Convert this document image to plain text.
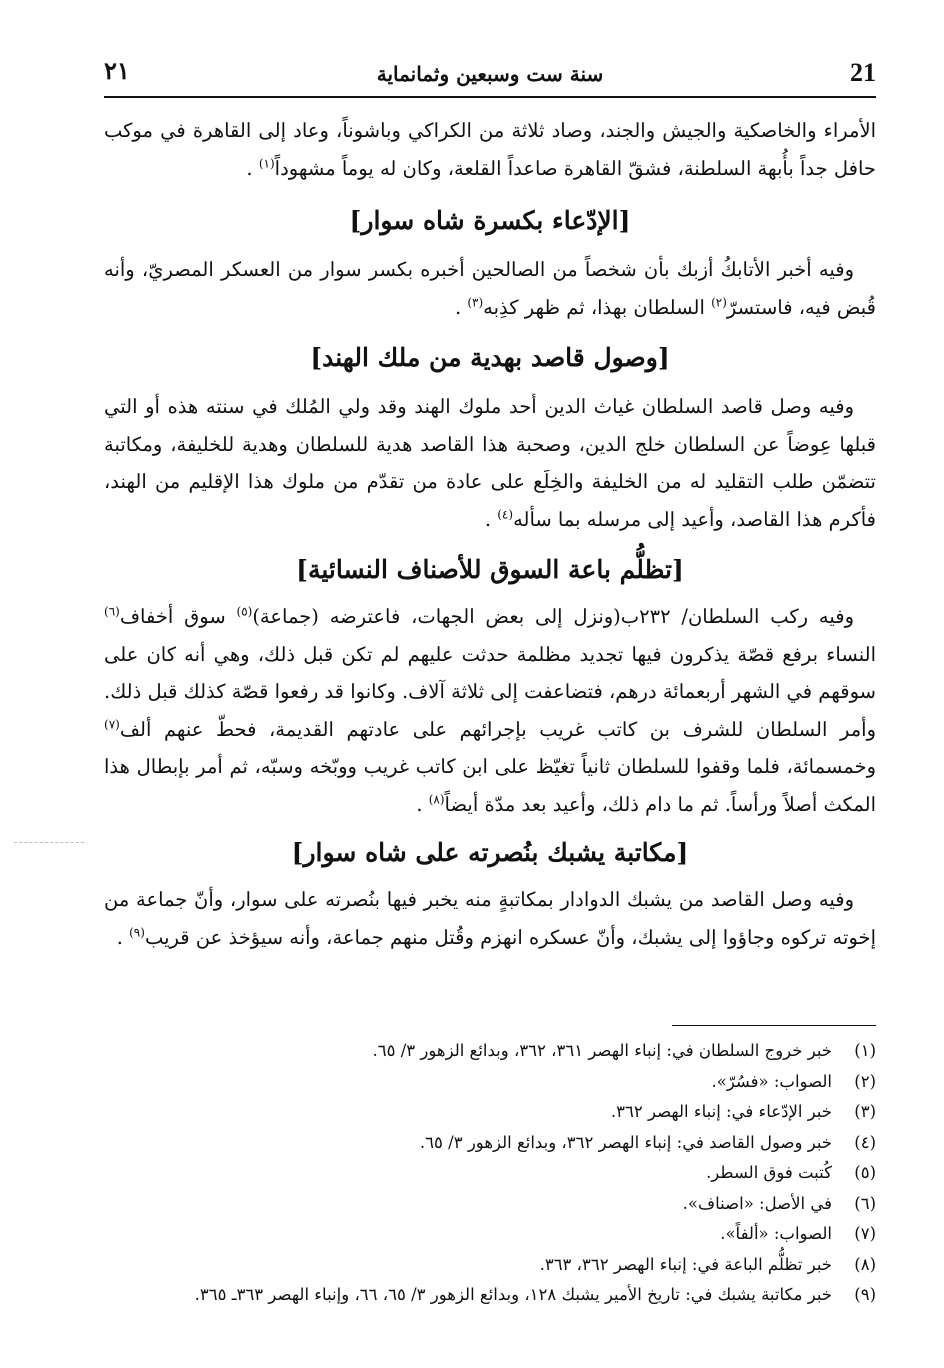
21
سنة ست وسبعين وثمانماية
٢١

الأمراء والخاصكية والجيش والجند، وصاد ثلاثة من الكراكي وباشوناً، وعاد إلى القاهرة في موكب حافل جداً بأُبهة السلطنة، فشقّ القاهرة صاعداً القلعة، وكان له يوماً مشهوداً$^{(١)}$ .

[الإدّعاء بكسرة شاه سوار]

وفيه أخبر الأتابكُ أزبك بأن شخصاً من الصالحين أخبره بكسر سوار من العسكر المصريّ، وأنه قُبض فيه، فاستسرّ$^{(٢)}$ السلطان بهذا، ثم ظهر كذِبه$^{(٣)}$ .

[وصول قاصد بهدية من ملك الهند]

وفيه وصل قاصد السلطان غياث الدين أحد ملوك الهند وقد ولي المُلك في سنته هذه أو التي قبلها عِوضاً عن السلطان خلج الدين، وصحبة هذا القاصد هدية للسلطان وهدية للخليفة، ومكاتبة تتضمّن طلب التقليد له من الخليفة والخِلَع على عادة من تقدّم من ملوك هذا الإقليم من الهند، فأكرم هذا القاصد، وأعيد إلى مرسله بما سأله$^{(٤)}$ .

[تظلُّم باعة السوق للأصناف النسائية]

وفيه ركب السلطان/ ٢٣٢ب(ونزل إلى بعض الجهات، فاعترضه (جماعة)$^{(٥)}$ سوق أخفاف$^{(٦)}$ النساء برفع قصّة يذكرون فيها تجديد مظلمة حدثت عليهم لم تكن قبل ذلك، وهي أنه كان على سوقهم في الشهر أربعمائة درهم، فتضاعفت إلى ثلاثة آلاف. وكانوا قد رفعوا قصّة كذلك قبل ذلك. وأمر السلطان للشرف بن كاتب غريب بإجرائهم على عادتهم القديمة، فحطّ عنهم ألف$^{(٧)}$ وخمسمائة، فلما وقفوا للسلطان ثانياً تغيّظ على ابن كاتب غريب ووبّخه وسبّه، ثم أمر بإبطال هذا المكث أصلاً ورأساً. ثم ما دام ذلك، وأعيد بعد مدّة أيضاً$^{(٨)}$ .

[مكاتبة يشبك بنُصرته على شاه سوار]

وفيه وصل القاصد من يشبك الدوادار بمكاتبةٍ منه يخبر فيها بنُصرته على سوار، وأنّ جماعة من إخوته تركوه وجاؤوا إلى يشبك، وأنّ عسكره انهزم وقُتل منهم جماعة، وأنه سيؤخذ عن قريب$^{(٩)}$ .

(١)خبر خروج السلطان في: إنباء الهصر ٣٦١، ٣٦٢، وبدائع الزهور ٣/ ٦٥.

(٢)الصواب: «فسُرّ».

(٣)خبر الإدّعاء في: إنباء الهصر ٣٦٢.

(٤)خبر وصول القاصد في: إنباء الهصر ٣٦٢، وبدائع الزهور ٣/ ٦٥.

(٥)كُتبت فوق السطر.

(٦)في الأصل: «اصناف».

(٧)الصواب: «ألفاً».

(٨)خبر تظلُّم الباعة في: إنباء الهصر ٣٦٢، ٣٦٣.

(٩)خبر مكاتبة يشبك في: تاريخ الأمير يشبك ١٢٨، وبدائع الزهور ٣/ ٦٥، ٦٦، وإنباء الهصر ٣٦٣ـ ٣٦٥.
